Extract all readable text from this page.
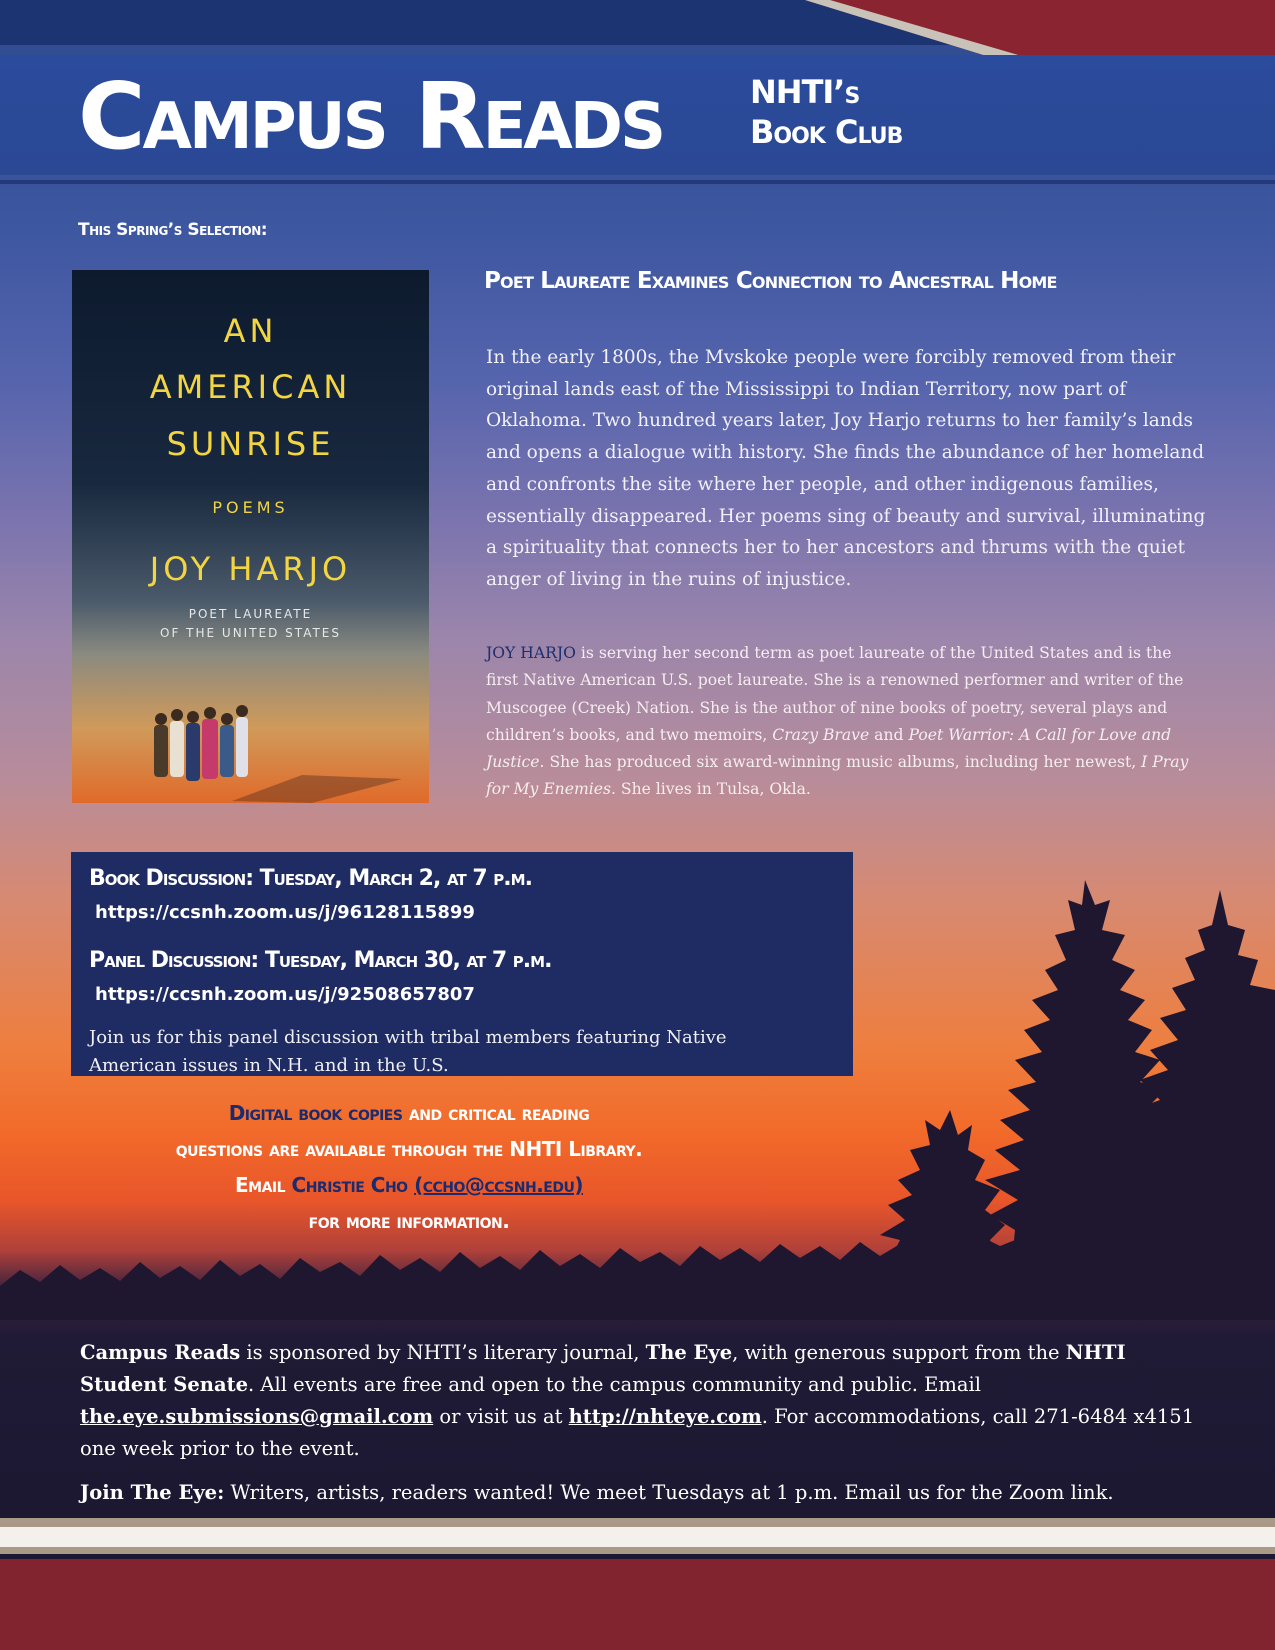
Campus Reads	NHTI’s
Book Club
This Spring’s Selection:
AN
AMERICAN
SUNRISE
POEMS
JOY HARJO
POET LAUREATE
OF THE UNITED STATES
Poet Laureate Examines Connection to Ancestral Home
In the early 1800s, the Mvskoke people were forcibly removed from their original lands east of the Mississippi to Indian Territory, now part of Oklahoma. Two hundred years later, Joy Harjo returns to her family’s lands and opens a dialogue with history. She finds the abundance of her homeland and confronts the site where her people, and other indigenous families, essentially disappeared. Her poems sing of beauty and survival, illuminating a spirituality that connects her to her ancestors and thrums with the quiet anger of living in the ruins of injustice.
JOY HARJO is serving her second term as poet laureate of the United States and is the first Native American U.S. poet laureate. She is a renowned performer and writer of the Muscogee (Creek) Nation. She is the author of nine books of poetry, several plays and children’s books, and two memoirs, Crazy Brave and Poet Warrior: A Call for Love and Justice. She has produced six award-winning music albums, including her newest, I Pray for My Enemies. She lives in Tulsa, Okla.
Book Discussion: Tuesday, March 2, at 7 p.m.
https://ccsnh.zoom.us/j/96128115899
Panel Discussion: Tuesday, March 30, at 7 p.m.
https://ccsnh.zoom.us/j/92508657807
Join us for this panel discussion with tribal members featuring Native American issues in N.H. and in the U.S.
Digital book copies and critical reading
questions are available through the NHTI Library.
Email Christie Cho (ccho@ccsnh.edu)
for more information.

Campus Reads is sponsored by NHTI’s literary journal, The Eye, with generous support from the NHTI Student Senate. All events are free and open to the campus community and public. Email the.eye.submissions@gmail.com or visit us at http://nhteye.com. For accommodations, call 271-6484 x4151 one week prior to the event.

Join The Eye: Writers, artists, readers wanted! We meet Tuesdays at 1 p.m. Email us for the Zoom link.
